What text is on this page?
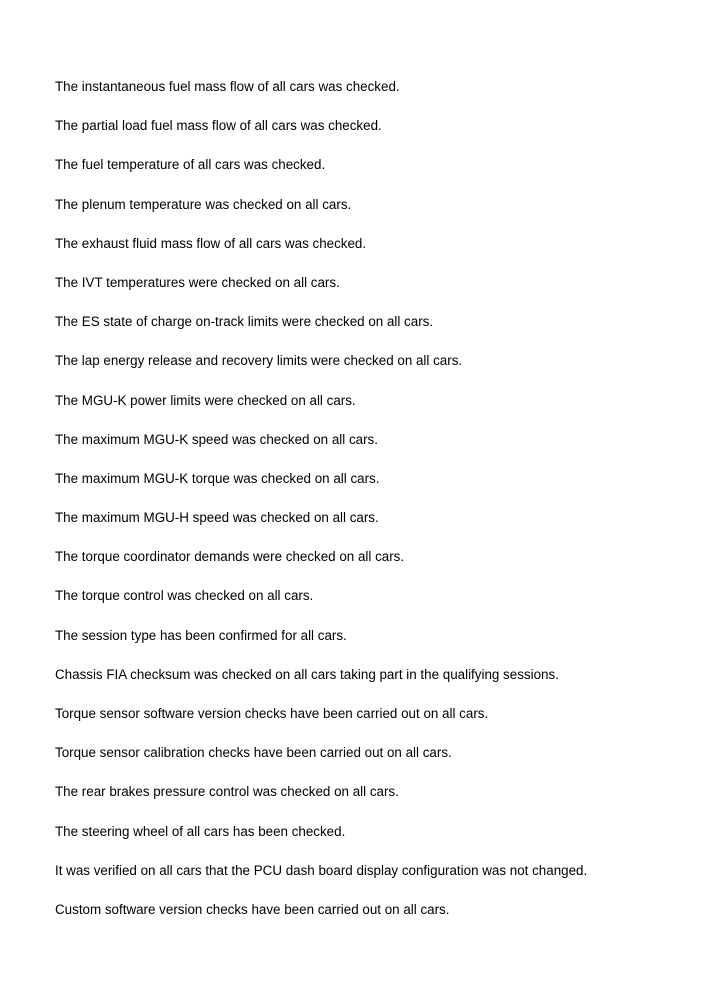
The instantaneous fuel mass flow of all cars was checked.
The partial load fuel mass flow of all cars was checked.
The fuel temperature of all cars was checked.
The plenum temperature was checked on all cars.
The exhaust fluid mass flow of all cars was checked.
The IVT temperatures were checked on all cars.
The ES state of charge on-track limits were checked on all cars.
The lap energy release and recovery limits were checked on all cars.
The MGU-K power limits were checked on all cars.
The maximum MGU-K speed was checked on all cars.
The maximum MGU-K torque was checked on all cars.
The maximum MGU-H speed was checked on all cars.
The torque coordinator demands were checked on all cars.
The torque control was checked on all cars.
The session type has been confirmed for all cars.
Chassis FIA checksum was checked on all cars taking part in the qualifying sessions.
Torque sensor software version checks have been carried out on all cars.
Torque sensor calibration checks have been carried out on all cars.
The rear brakes pressure control was checked on all cars.
The steering wheel of all cars has been checked.
It was verified on all cars that the PCU dash board display configuration was not changed.
Custom software version checks have been carried out on all cars.
